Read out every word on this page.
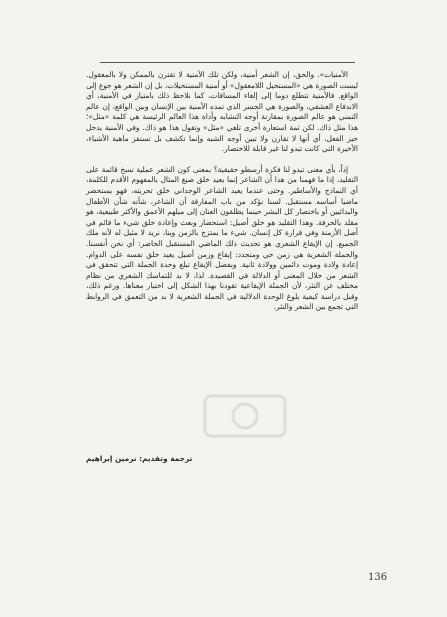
الأمنيات». والحق، إن الشعر أمنية، ولكن تلك الأمنية لا تقترن بالممكن ولا بالمعقول. ليست الصورة هي «المستحيل اللامعقول» أو أمنية المستحيلات، بل إن الشعر هو جوع إلى الواقع. فالأمنية تتطلع دوما إلى إلغاء المسافات، كما نلاحظ ذلك بامتياز في الأمنية، أي الاندفاع العشقي، والصورة هي الجسر الذي تمده الأمنية بين الإنسان وبين الواقع، إن عالم التمني هو عالم الصورة بمقارنة أوجه التشابه وأداة هذا العالم الرئيسة هي كلمة «مثل»؛ هذا مثل ذاك. لكن ثمة استعارة أخرى تلغي «مثل» وتقول هذا هو ذاك. وفي الأمنية يدخل حيز الفعل، أي أنها لا تقارن ولا تبين أوجه الشبه وإنما تكشف بل تستفز ماهية الأشياء، الأخيرة التي كانت تبدو لنا غير قابلة للاختصار.

إذاً، بأي معنى تبدو لنا فكرة أرسطو حقيقية؟ بمعنى كون الشعر عملية نسخ قائمة على التقليد، إذا ما فهمنا من هذا أن الشاعر إنما يعيد خلق صيغ المثال بالمفهوم الأقدم للكلمة، أي النماذج والأساطير. وحتى عندما يعيد الشاعر الوجداني خلق تجربته، فهو يستحضر ماضيا أساسه مستقبل. لسنا نؤكد من باب المفارقة أن الشاعر، شأنه شأن الأطفال والبدائيين أو باختصار كل البشر حينما يطلقون العنان إلى ميلهم الأعمق والأكثر طبيعية، هو مقلد بالحرفة. وهذا التقليد هو خلق أصيل: استحضار وبعث وإعادة خلق شيء ما قائم في أصل الأزمنة وفي قرارة كل إنسان. شيء ما يمتزج بالزمن وينا، نريد لا مثيل له لأنه ملك الجميع. إن الإيقاع الشعري هو تحديث ذلك الماضي المستقبل الحاضر: أي نحن أنفسنا. والجملة الشعرية هي زمن حي ومتجدد: إيقاع وزمن أصيل يعيد خلق نفسه على الدوام. إعادة ولادة وموت دائمين وولادة ثانية. وبفضل الإيقاع تبلغ وحدة الجملة التي تتحقق في الشعر من خلال المعنى أو الدلالة في القصيدة. لذا، لا بد للتماسك الشعري من نظام مختلف عن النثر، لأن الجملة الإيقاعية تقودنا بهذا الشكل إلى اختيار معناها. ورغم ذلك، وقبل دراسة كيفية بلوغ الوحدة الدلالية في الجملة الشعرية لا بد من التعمق في الروابط التي تجمع بين الشعر والنثر.

ترجمة وتقديم: نرمين إبراهيم
136
